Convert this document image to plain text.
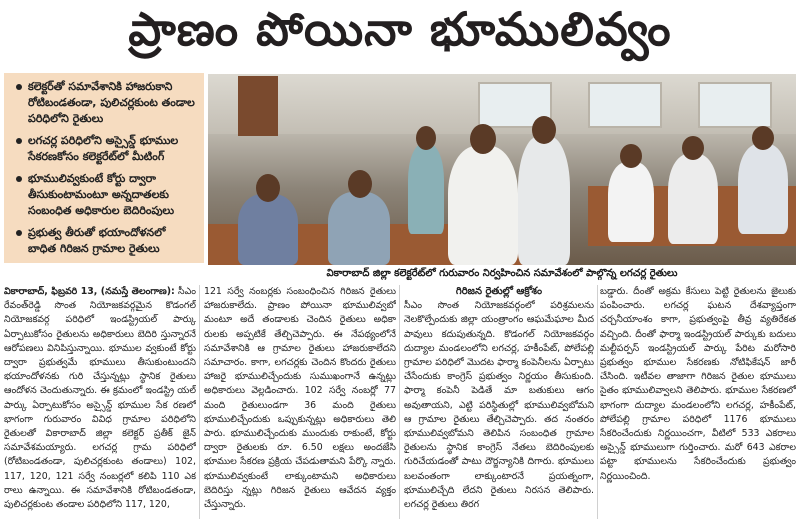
ప్రాణం పోయినా భూములివ్వం
కలెక్టర్‌తో సమావేశానికి హాజరుకాని రోటిబండతండా, పులిచర్లకుంట తండాల పరిధిలోని రైతులు
లగచర్ల పరిధిలోని అస్సైన్డ్ భూముల సేకరణకోసం కలెక్టరేట్‌లో మీటింగ్
భూములివ్వకుంటే కోర్టు ద్వారా తీసుకుంటామంటూ అన్నదాతలకు సంబంధిత అధికారుల బెదిరింపులు
ప్రభుత్వ తీరుతో భయాందోళనలో బాధిత గిరిజన గ్రామాల రైతులు
వికారాబాద్ జిల్లా కలెక్టరేట్‌లో గురువారం నిర్వహించిన సమావేశంలో పాల్గొన్న లగచర్ల రైతులు
వికారాబాద్, ఫిబ్రవరి 13, (నమస్తే తెలంగాణ): సీఎం రేవంత్‌రెడ్డి సొంత నియోజకవర్గమైన కొడంగల్ నియోజకవర్గ పరిధిలో ఇండస్ట్రియల్ పార్కు ఏర్పాటుకోసం రైతులను అధికారులు బెదిరి స్తున్నారనే ఆరోపణలు వినిపిస్తున్నాయి. భూముల వ్వకుంటే కోర్టు ద్వారా ప్రభుత్వమే భూములు తీసుకుంటుందని భయాందోళనకు గురి చేస్తున్నట్లు స్థానిక రైతులు ఆందోళన చెందుతున్నారు. ఈ క్రమంలో ఇండస్ట్రి యల్ పార్కు ఏర్పాటుకోసం అస్సైన్డ్ భూముల సేక రణలో భాగంగా గురువారం వివిధ గ్రామాల పరిధిలోని రైతులతో వికారాబాద్ జిల్లా కలెక్టర్ ప్రతీక్ జైన్ సమావేశమయ్యారు. లగచర్ల గ్రామ పరిధిలో (రోటిబండతండా, పులిచర్లకుంట తండాలు) 102, 117, 120, 121 సర్వే నంబర్లలో కలిపి 110 ఎక రాలు ఉన్నాయి. ఈ సమావేశానికి రోటిబండతండా, పులిచర్లకుంట తండాల పరిధిలోని 117, 120,
121 సర్వే నంబర్లకు సంబంధించిన గిరిజన రైతులు హాజరుకాలేదు. ప్రాణం పోయినా భూములివ్వబో మంటూ అదే తండాలకు చెందిన రైతులు అధికా రులకు అప్పటికే తేల్చిచెప్పారు. ఈ నేపథ్యంలోనే సమావేశానికి ఆ గ్రామాల రైతులు హాజరుకాలేదని సమాచారం. కాగా, లగచర్లకు చెందిన కొందరు రైతులు హాజరై భూములిచ్చేందుకు సుముఖంగానే ఉన్నట్లు అధికారులు వెల్లడించారు. 102 సర్వే నంబర్లో 77 మంది రైతులుండగా 36 మంది రైతులు భూములిచ్చేందుకు ఒప్పుకున్నట్లు అధికారులు తెలి పారు. భూములిచ్చేందుకు ముందుకు రాకుంటే, కోర్టు ద్వారా రైతులకు రూ. 6.50 లక్షలు అందజేసి భూముల సేకరణ ప్రక్రియ చేపడుతామని పేర్కొ న్నారు. భూములివ్వకుంటే లాక్కుంటామని అధికారులు బెదిరిస్తు న్నట్లు గిరిజన రైతులు ఆవేదన వ్యక్తం చేస్తున్నారు.
గిరిజన రైతుల్లో ఆక్రోశం
సీఎం సొంత నియోజకవర్గంలో పరిశ్రమలను నెలకొల్పేందుకు జిల్లా యంత్రాంగం ఆఘమేఘాల మీద పావులు కదుపుతున్నది. కొడంగల్ నియోజకవర్గం దుద్యాల మండలంలోని లగచర్ల, హకీంపేట్, పోలేపల్లి గ్రామాల పరిధిలో మొదట ఫార్మా కంపెనీలను ఏర్పాటు చేసేందుకు కాంగ్రెస్ ప్రభుత్వం నిర్ణయం తీసుకుంది. ఫార్మా కంపెనీ పెడితే మా బతుకులు ఆగం అవుతాయని, ఎట్టి పరిస్థితుల్లో భూములివ్వబోమని ఆ గ్రామాల రైతులు తేల్చిచెప్పారు. తద నంతరం భూములివ్వబోమని తెలిపిన సంబంధిత గ్రామాల రైతులను స్థానిక కాంగ్రెస్ నేతలు బెదిరింపులకు గురిచేయడంతో పాటు దౌర్జన్యానికి దిగారు. భూములు బలవంతంగా లాక్కుంటారనే ప్రయత్నంగా, భూములిచ్చేది లేదని రైతులు నిరసన తెలిపారు. లగచర్ల రైతులు తిరగ
బడ్డారు. దీంతో అక్రమ కేసులు పెట్టి రైతులను జైలుకు పంపించారు. లగచర్ల ఘటన దేశవ్యాప్తంగా చర్చనీయాంశం కాగా, ప్రభుత్వంపై తీవ్ర వ్యతిరేకత వచ్చింది. దీంతో ఫార్మా ఇండస్ట్రియల్ పార్కుకు బదులు మల్టీపర్పస్ ఇండస్ట్రియల్ పార్కు పేరిట మరోసారి ప్రభుత్వం భూముల సేకరణకు నోటిఫికేషన్ జారీ చేసింది. ఇటీవల తాజాగా గిరిజన రైతుల భూములు సైతం భూములివ్వాలని తెలిపారు. భూముల సేకరణలో భాగంగా దుద్యాల మండలంలోని లగచర్ల, హకీంపేట్, పోలేపల్లి గ్రామాల పరిధిలో 1176 భూములు సేకరించేందుకు నిర్ణయించగా, వీటిలో 533 ఎకరాలు అస్సైన్డ్ భూములుగా గుర్తించారు. మరో 643 ఎకరాల పట్టా భూములను సేకరించేందుకు ప్రభుత్వం నిర్ణయించింది.
